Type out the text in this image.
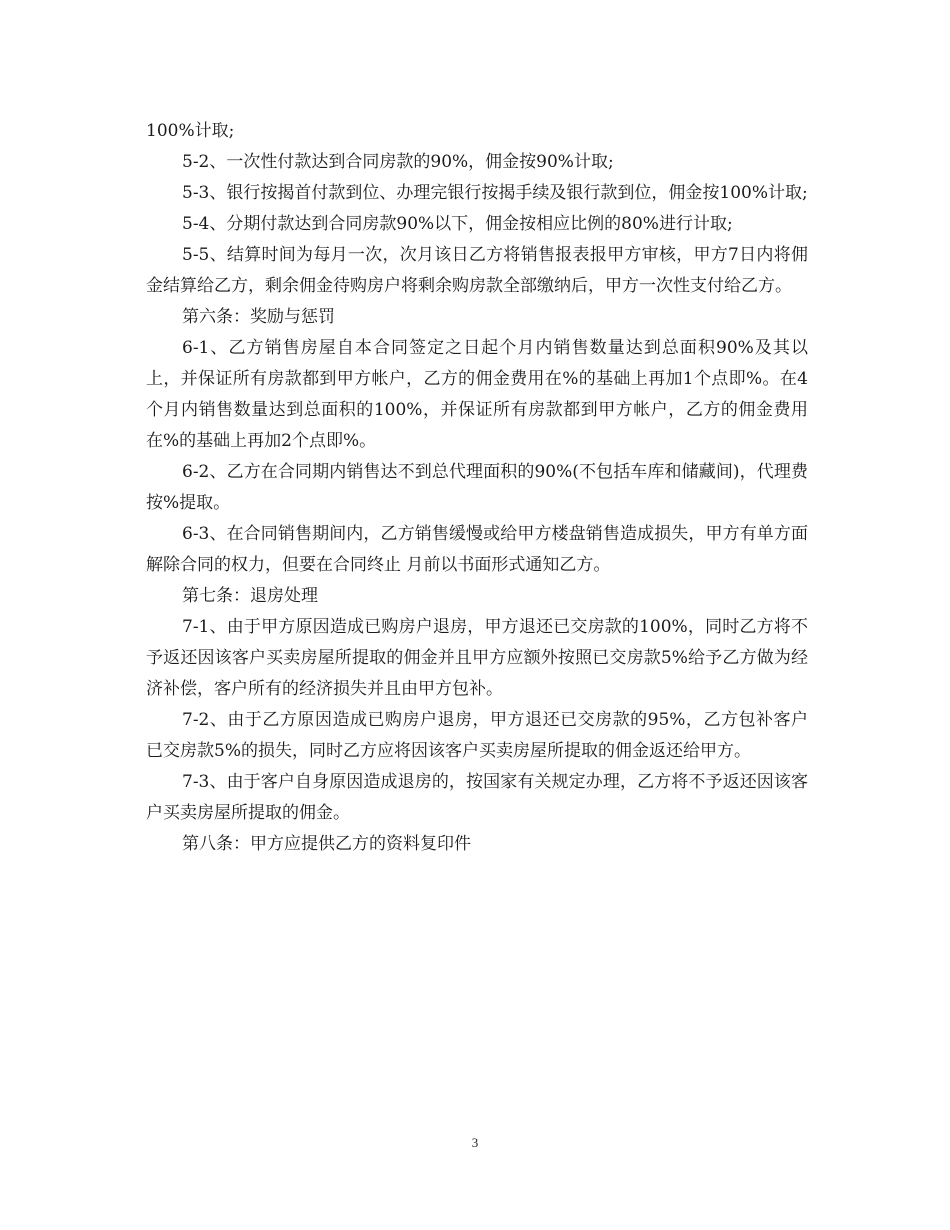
100%计取;

5-2、一次性付款达到合同房款的90%，佣金按90%计取;

5-3、银行按揭首付款到位、办理完银行按揭手续及银行款到位，佣金按100%计取;

5-4、分期付款达到合同房款90%以下，佣金按相应比例的80%进行计取;

5-5、结算时间为每月一次，次月该日乙方将销售报表报甲方审核，甲方7日内将佣金结算给乙方，剩余佣金待购房户将剩余购房款全部缴纳后，甲方一次性支付给乙方。

第六条：奖励与惩罚

6-1、乙方销售房屋自本合同签定之日起个月内销售数量达到总面积90%及其以上，并保证所有房款都到甲方帐户，乙方的佣金费用在%的基础上再加1个点即%。在4个月内销售数量达到总面积的100%，并保证所有房款都到甲方帐户，乙方的佣金费用在%的基础上再加2个点即%。

6-2、乙方在合同期内销售达不到总代理面积的90%(不包括车库和储藏间)，代理费按%提取。

6-3、在合同销售期间内，乙方销售缓慢或给甲方楼盘销售造成损失，甲方有单方面解除合同的权力，但要在合同终止 月前以书面形式通知乙方。

第七条：退房处理

7-1、由于甲方原因造成已购房户退房，甲方退还已交房款的100%，同时乙方将不予返还因该客户买卖房屋所提取的佣金并且甲方应额外按照已交房款5%给予乙方做为经济补偿，客户所有的经济损失并且由甲方包补。

7-2、由于乙方原因造成已购房户退房，甲方退还已交房款的95%，乙方包补客户已交房款5%的损失，同时乙方应将因该客户买卖房屋所提取的佣金返还给甲方。

7-3、由于客户自身原因造成退房的，按国家有关规定办理，乙方将不予返还因该客户买卖房屋所提取的佣金。

第八条：甲方应提供乙方的资料复印件

3
